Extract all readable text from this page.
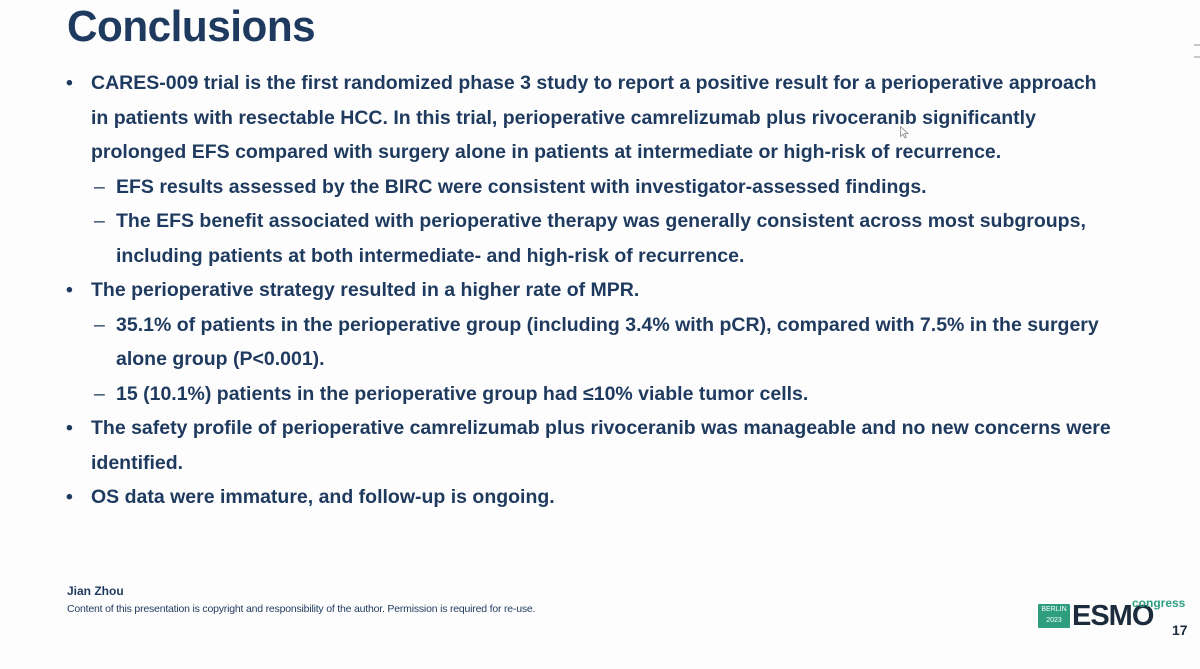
Conclusions
• CARES-009 trial is the first randomized phase 3 study to report a positive result for a perioperative approach
in patients with resectable HCC. In this trial, perioperative camrelizumab plus rivoceranib significantly
prolonged EFS compared with surgery alone in patients at intermediate or high-risk of recurrence.
– EFS results assessed by the BIRC were consistent with investigator-assessed findings.
– The EFS benefit associated with perioperative therapy was generally consistent across most subgroups,
including patients at both intermediate- and high-risk of recurrence.
• The perioperative strategy resulted in a higher rate of MPR.
– 35.1% of patients in the perioperative group (including 3.4% with pCR), compared with 7.5% in the surgery
alone group (P<0.001).
– 15 (10.1%) patients in the perioperative group had ≤10% viable tumor cells.
• The safety profile of perioperative camrelizumab plus rivoceranib was manageable and no new concerns were
identified.
• OS data were immature, and follow-up is ongoing.
Jian Zhou
Content of this presentation is copyright and responsibility of the author. Permission is required for re-use.	BERLIN
2023 ESMO
congress
17
